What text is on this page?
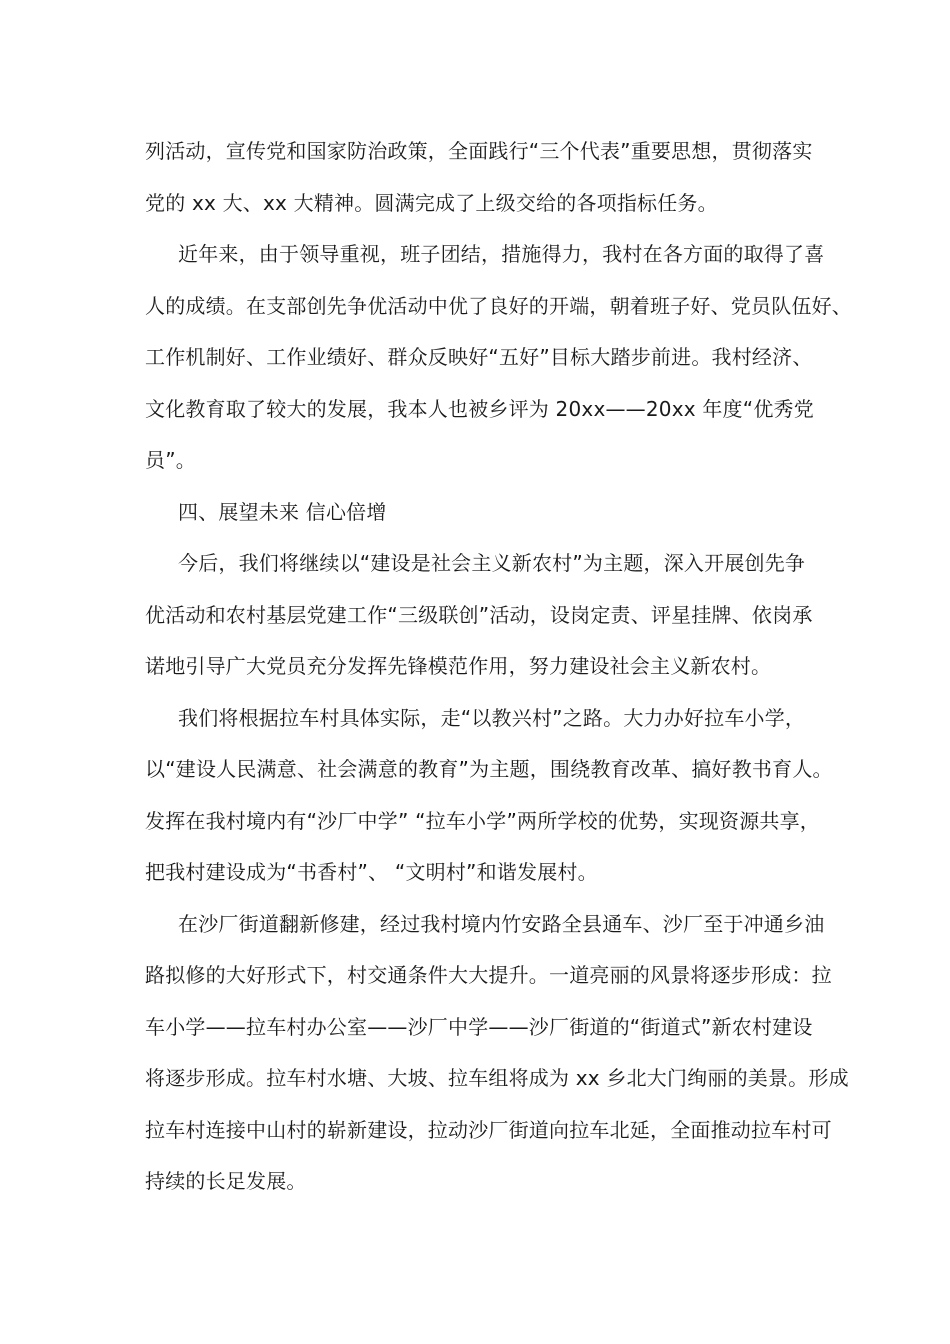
列活动，宣传党和国家防治政策，全面践行“三个代表”重要思想，贯彻落实
党的 xx 大、xx 大精神。圆满完成了上级交给的各项指标任务。
近年来，由于领导重视，班子团结，措施得力，我村在各方面的取得了喜
人的成绩。在支部创先争优活动中优了良好的开端，朝着班子好、党员队伍好、
工作机制好、工作业绩好、群众反映好“五好”目标大踏步前进。我村经济、
文化教育取了较大的发展，我本人也被乡评为 20xx——20xx 年度“优秀党
员”。
四、展望未来 信心倍增
今后，我们将继续以“建设是社会主义新农村”为主题，深入开展创先争
优活动和农村基层党建工作“三级联创”活动，设岗定责、评星挂牌、依岗承
诺地引导广大党员充分发挥先锋模范作用，努力建设社会主义新农村。
我们将根据拉车村具体实际，走“以教兴村”之路。大力办好拉车小学，
以“建设人民满意、社会满意的教育”为主题，围绕教育改革、搞好教书育人。
发挥在我村境内有“沙厂中学” “拉车小学”两所学校的优势，实现资源共享，
把我村建设成为“书香村”、 “文明村”和谐发展村。
在沙厂街道翻新修建，经过我村境内竹安路全县通车、沙厂至于冲通乡油
路拟修的大好形式下，村交通条件大大提升。一道亮丽的风景将逐步形成：拉
车小学——拉车村办公室——沙厂中学——沙厂街道的“街道式”新农村建设
将逐步形成。拉车村水塘、大坡、拉车组将成为 xx 乡北大门绚丽的美景。形成
拉车村连接中山村的崭新建设，拉动沙厂街道向拉车北延，全面推动拉车村可
持续的长足发展。
